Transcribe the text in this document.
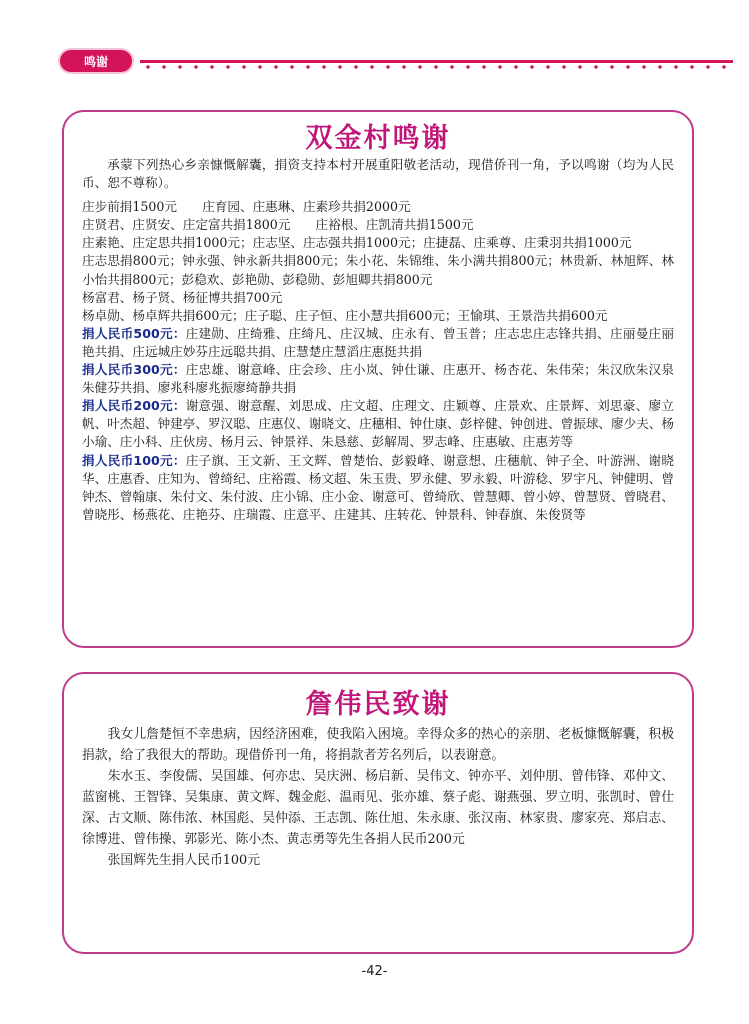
鸣谢
双金村鸣谢

承蒙下列热心乡亲慷慨解囊，捐资支持本村开展重阳敬老活动，现借侨刊一角，予以鸣谢（均为人民币、恕不尊称）。

庄步前捐1500元　　庄育园、庄惠琳、庄素珍共捐2000元

庄贤君、庄贤安、庄定富共捐1800元　　庄裕根、庄凯清共捐1500元

庄素艳、庄定思共捐1000元；庄志坚、庄志强共捐1000元；庄捷磊、庄乘尊、庄秉羽共捐1000元

庄志思捐800元；钟永强、钟永新共捐800元；朱小花、朱锦维、朱小满共捐800元；林贵新、林旭辉、林小怡共捐800元；彭稳欢、彭艳勋、彭稳勋、彭旭卿共捐800元

杨富君、杨子贤、杨征博共捐700元

杨卓勋、杨卓辉共捐600元；庄子聪、庄子恒、庄小慧共捐600元；王愉琪、王景浩共捐600元

捐人民币500元：庄建勋、庄绮雅、庄绮凡、庄汉城、庄永有、曾玉普；庄志忠庄志锋共捐、庄丽曼庄丽艳共捐、庄远城庄妙芬庄远聪共捐、庄慧楚庄慧滔庄惠挺共捐

捐人民币300元：庄忠雄、谢意峰、庄会珍、庄小岚、钟仕谦、庄惠开、杨杏花、朱伟荣；朱汉欣朱汉泉朱健芬共捐、廖兆科廖兆振廖绮静共捐

捐人民币200元：谢意强、谢意醒、刘思成、庄文超、庄理文、庄颖尊、庄景欢、庄景辉、刘思豪、廖立帆、叶杰超、钟建亭、罗汉聪、庄惠仪、谢晓文、庄穗相、钟仕康、彭梓健、钟创进、曾振球、廖少夫、杨小瑜、庄小科、庄伙房、杨月云、钟景祥、朱恳慈、彭解周、罗志峰、庄惠敏、庄惠芳等

捐人民币100元：庄子旗、王文新、王文辉、曾楚怡、彭毅峰、谢意想、庄穗航、钟子全、叶游洲、谢晓华、庄惠香、庄知为、曾绮纪、庄裕霞、杨文超、朱玉贵、罗永健、罗永毅、叶游稔、罗宇凡、钟健明、曾钟杰、曾翰康、朱付文、朱付波、庄小锦、庄小金、谢意可、曾绮欣、曾慧卿、曾小婷、曾慧贤、曾晓君、曾晓彤、杨燕花、庄艳芬、庄瑞霞、庄意平、庄建其、庄转花、钟景科、钟春旗、朱俊贤等

詹伟民致谢

我女儿詹楚恒不幸患病，因经济困难，使我陷入困境。幸得众多的热心的亲朋、老板慷慨解囊，积极捐款，给了我很大的帮助。现借侨刊一角，将捐款者芳名列后，以表谢意。

朱水玉、李俊儒、吴国雄、何亦忠、吴庆洲、杨启新、吴伟文、钟亦平、刘仲朋、曾伟锋、邓仲文、蓝窗桃、王智锋、吴集康、黄文辉、魏金彪、温雨见、张亦雄、蔡子彪、谢燕强、罗立明、张凯时、曾仕深、古文顺、陈伟浓、林国彪、吴仲添、王志凯、陈仕旭、朱永康、张汉南、林家贵、廖家亮、郑启志、徐博进、曾伟操、郭影光、陈小杰、黄志勇等先生各捐人民币200元

张国辉先生捐人民币100元

-42-
